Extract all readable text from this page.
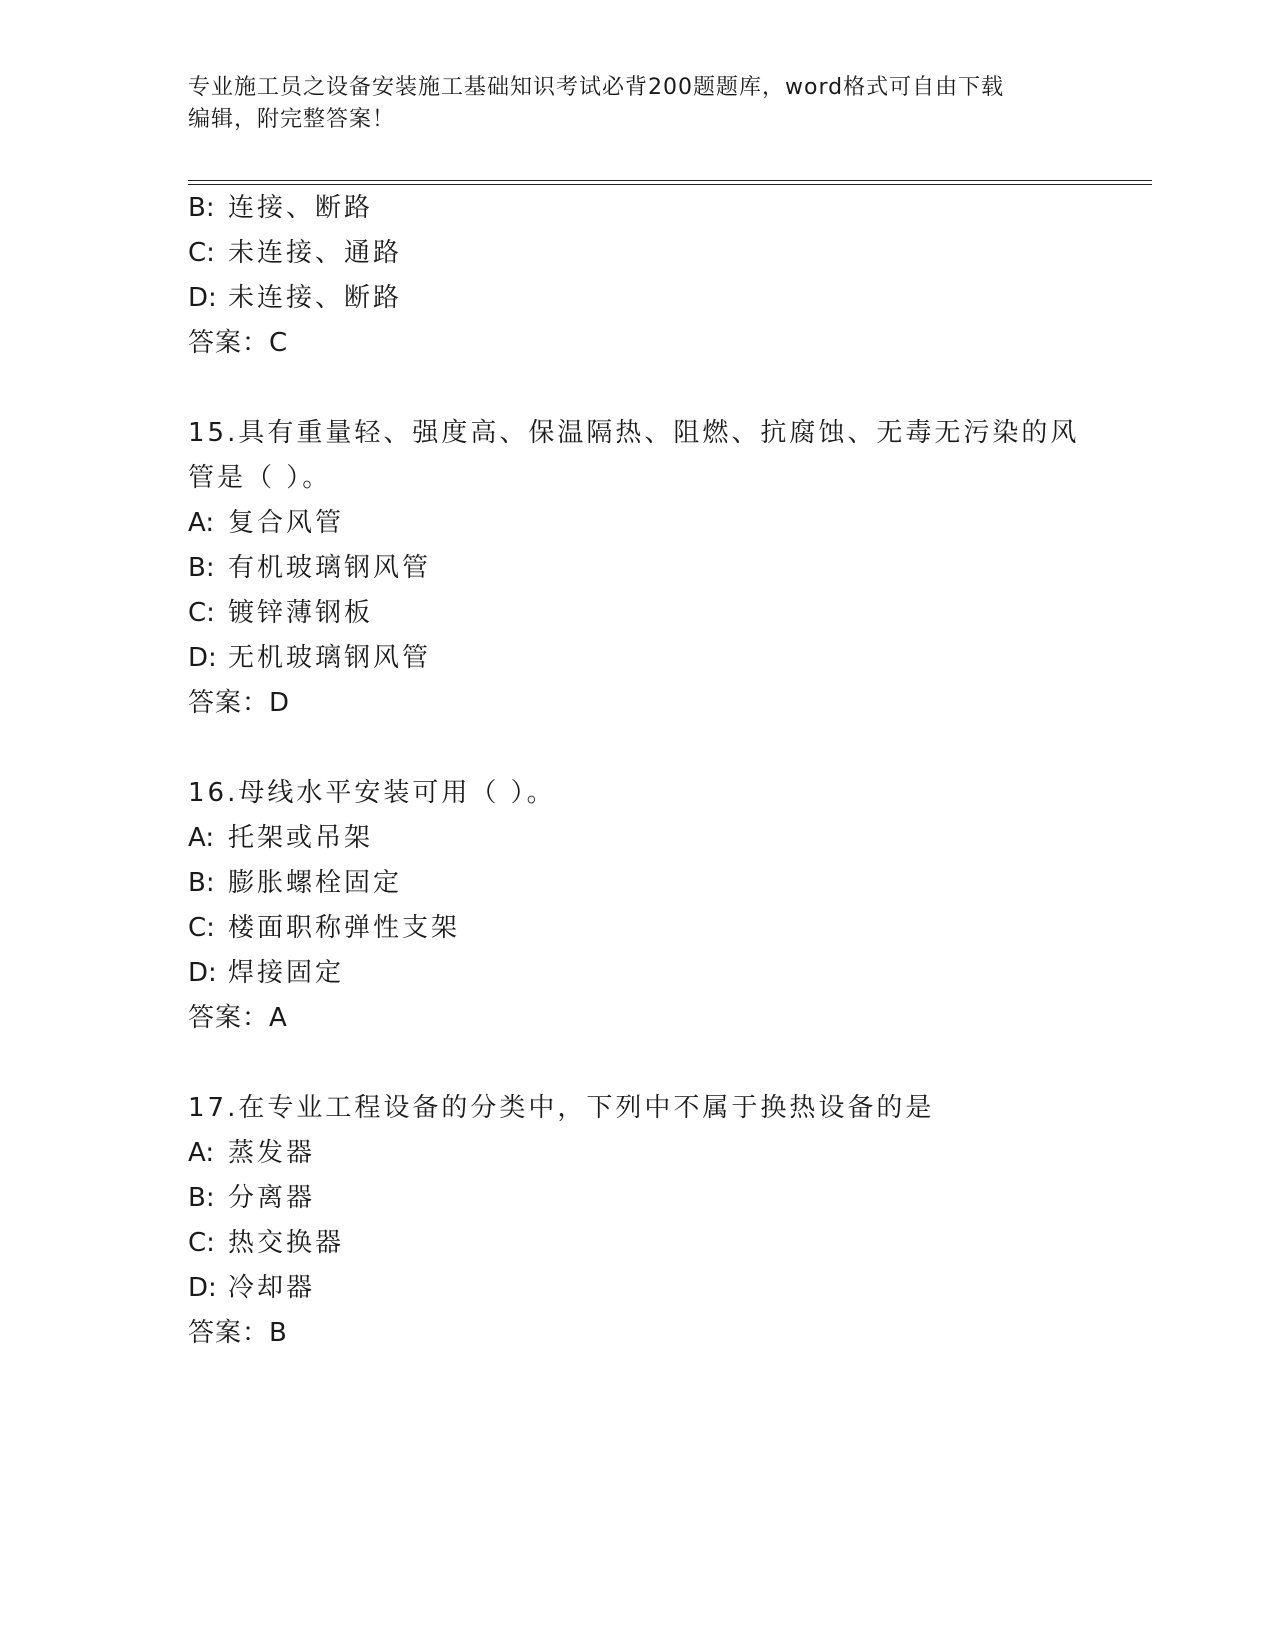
专业施工员之设备安装施工基础知识考试必背200题题库，word格式可自由下载
编辑，附完整答案！
B: 连接、断路
C: 未连接、通路
D: 未连接、断路
答案：C
15.具有重量轻、强度高、保温隔热、阻燃、抗腐蚀、无毒无污染的风
管是（ ）。
A: 复合风管
B: 有机玻璃钢风管
C: 镀锌薄钢板
D: 无机玻璃钢风管
答案：D
16.母线水平安装可用（ ）。
A: 托架或吊架
B: 膨胀螺栓固定
C: 楼面职称弹性支架
D: 焊接固定
答案：A
17.在专业工程设备的分类中，下列中不属于换热设备的是
A: 蒸发器
B: 分离器
C: 热交换器
D: 冷却器
答案：B
